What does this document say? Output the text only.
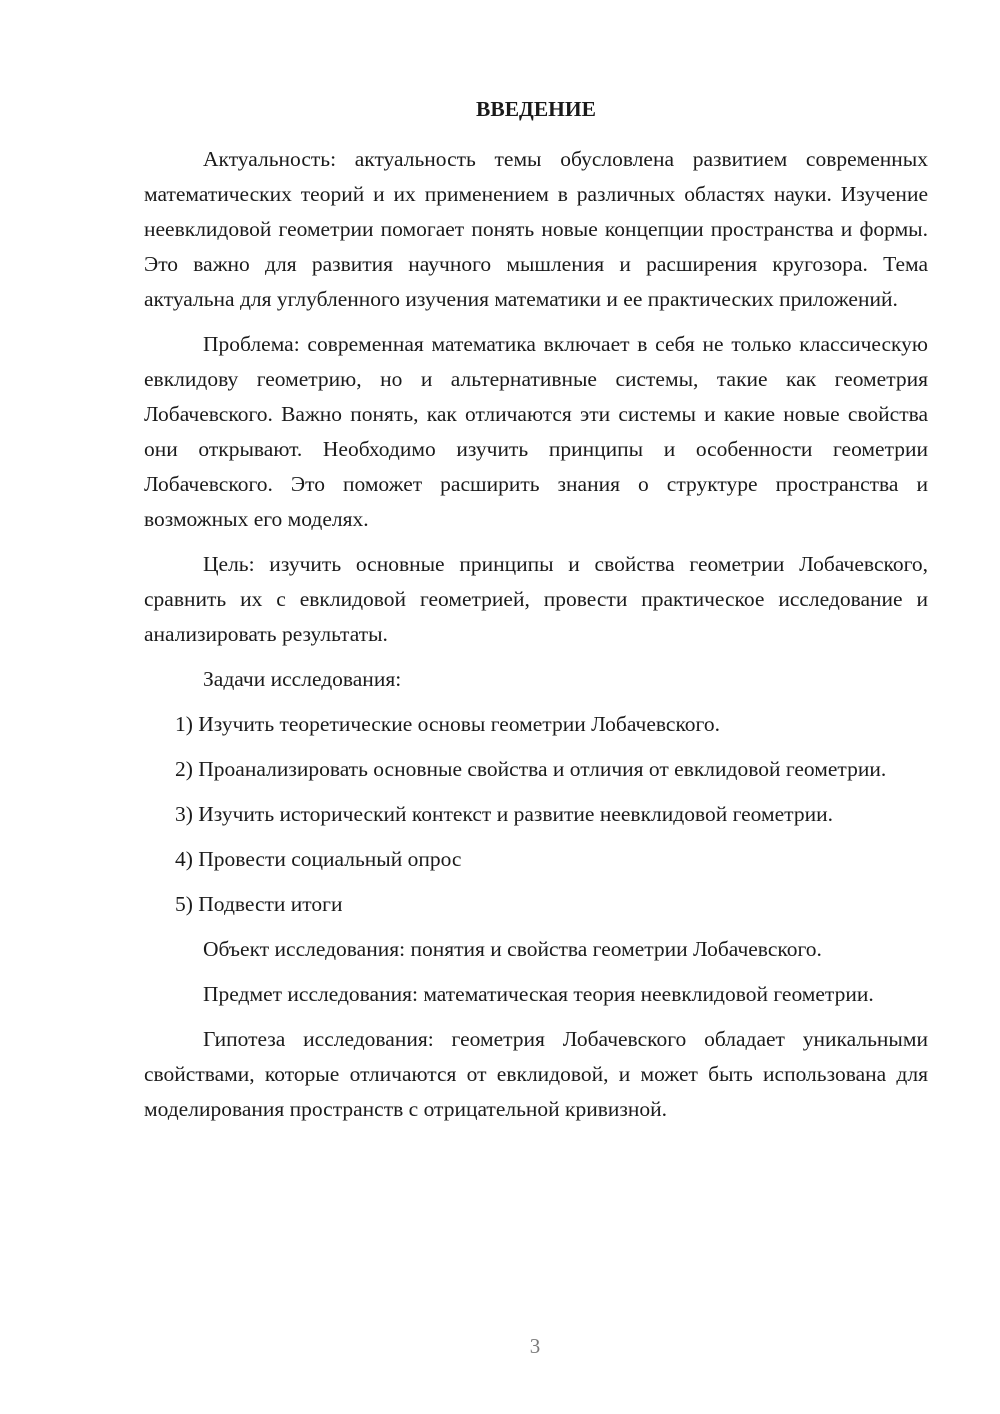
ВВЕДЕНИЕ

Актуальность: актуальность темы обусловлена развитием современных математических теорий и их применением в различных областях науки. Изучение неевклидовой геометрии помогает понять новые концепции пространства и формы. Это важно для развития научного мышления и расширения кругозора. Тема актуальна для углубленного изучения математики и ее практических приложений.

Проблема: современная математика включает в себя не только классическую евклидову геометрию, но и альтернативные системы, такие как геометрия Лобачевского. Важно понять, как отличаются эти системы и какие новые свойства они открывают. Необходимо изучить принципы и особенности геометрии Лобачевского. Это поможет расширить знания о структуре пространства и возможных его моделях.

Цель: изучить основные принципы и свойства геометрии Лобачевского, сравнить их с евклидовой геометрией, провести практическое исследование и анализировать результаты.

Задачи исследования:

1) Изучить теоретические основы геометрии Лобачевского.

2) Проанализировать основные свойства и отличия от евклидовой геометрии.

3) Изучить исторический контекст и развитие неевклидовой геометрии.

4) Провести социальный опрос

5) Подвести итоги

Объект исследования: понятия и свойства геометрии Лобачевского.

Предмет исследования: математическая теория неевклидовой геометрии.

Гипотеза исследования: геометрия Лобачевского обладает уникальными свойствами, которые отличаются от евклидовой, и может быть использована для моделирования пространств с отрицательной кривизной.

3
